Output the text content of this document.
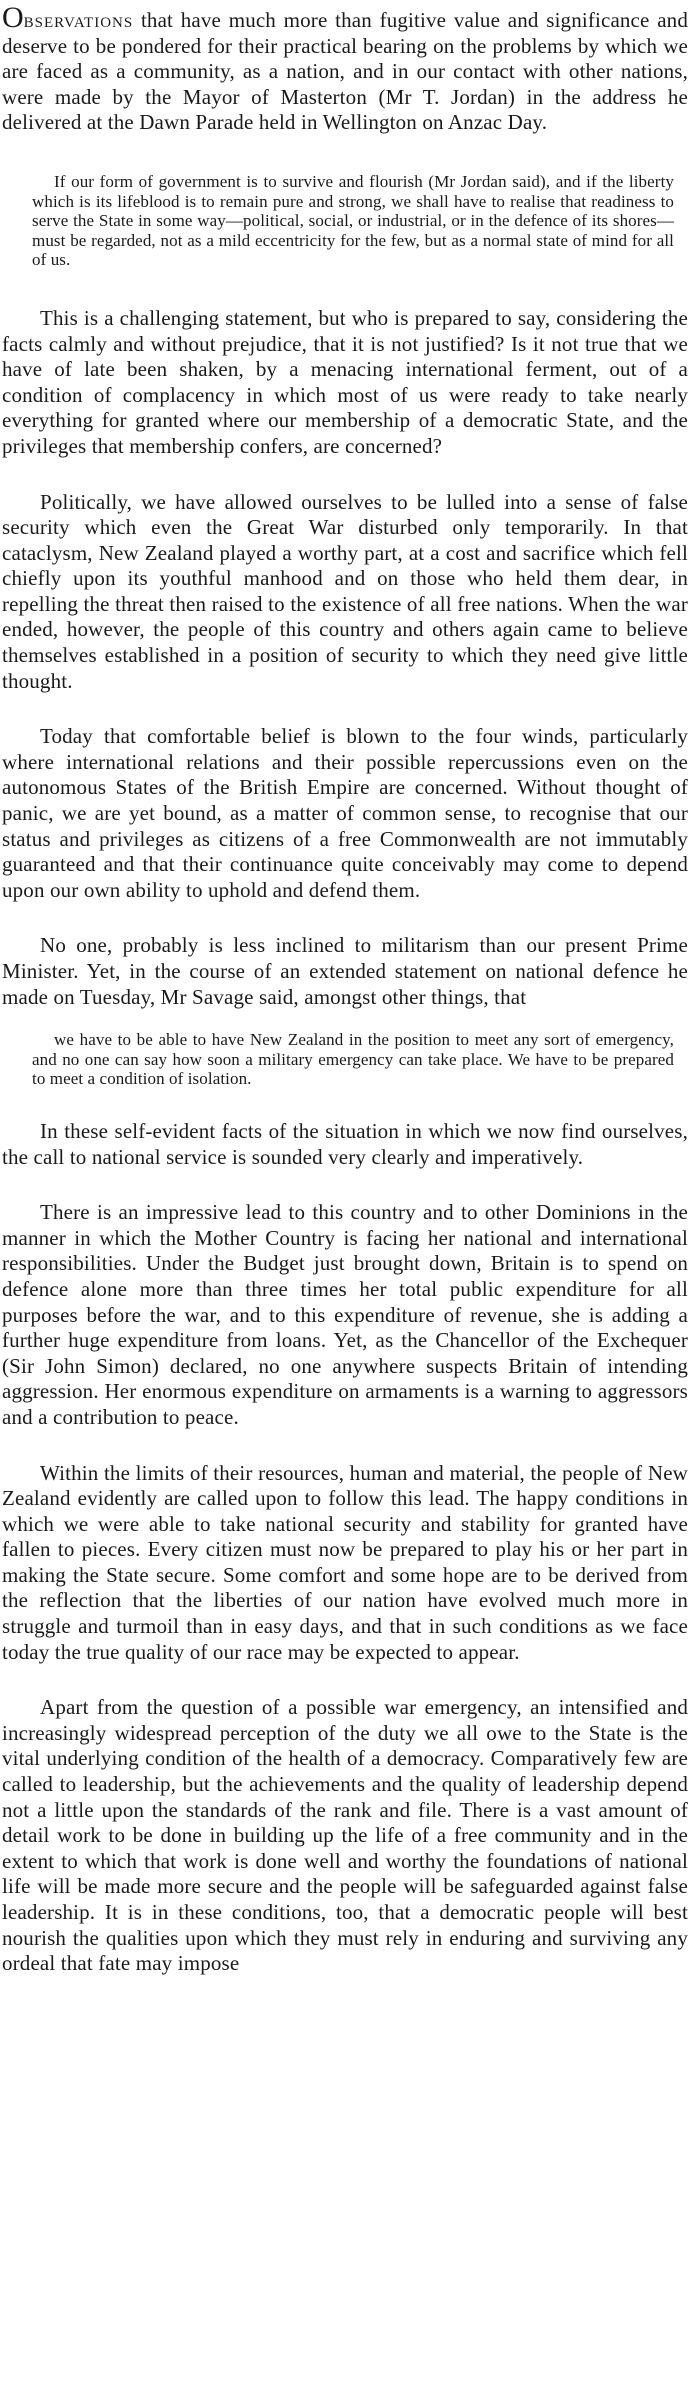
Observations that have much more than fugitive value and significance and deserve to be pondered for their practical bearing on the problems by which we are faced as a community, as a nation, and in our contact with other nations, were made by the Mayor of Masterton (Mr T. Jordan) in the address he delivered at the Dawn Parade held in Wellington on Anzac Day.

If our form of government is to survive and flourish (Mr Jordan said), and if the liberty which is its lifeblood is to remain pure and strong, we shall have to realise that readiness to serve the State in some way—political, social, or industrial, or in the defence of its shores—must be regarded, not as a mild eccentricity for the few, but as a normal state of mind for all of us.

This is a challenging statement, but who is prepared to say, considering the facts calmly and without prejudice, that it is not justified? Is it not true that we have of late been shaken, by a menacing international ferment, out of a condition of complacency in which most of us were ready to take nearly everything for granted where our membership of a democratic State, and the privileges that membership confers, are concerned?

Politically, we have allowed ourselves to be lulled into a sense of false security which even the Great War disturbed only temporarily. In that cataclysm, New Zealand played a worthy part, at a cost and sacrifice which fell chiefly upon its youthful manhood and on those who held them dear, in repelling the threat then raised to the existence of all free nations. When the war ended, however, the people of this country and others again came to believe themselves established in a position of security to which they need give little thought.

Today that comfortable belief is blown to the four winds, particularly where international relations and their possible repercussions even on the autonomous States of the British Empire are concerned. Without thought of panic, we are yet bound, as a matter of common sense, to recognise that our status and privileges as citizens of a free Commonwealth are not immutably guaranteed and that their continuance quite conceivably may come to depend upon our own ability to uphold and defend them.

No one, probably is less inclined to militarism than our present Prime Minister. Yet, in the course of an extended statement on national defence he made on Tuesday, Mr Savage said, amongst other things, that

we have to be able to have New Zealand in the position to meet any sort of emergency, and no one can say how soon a military emergency can take place. We have to be prepared to meet a condition of isolation.

In these self-evident facts of the situation in which we now find ourselves, the call to national service is sounded very clearly and imperatively.

There is an impressive lead to this country and to other Dominions in the manner in which the Mother Country is facing her national and international responsibilities. Under the Budget just brought down, Britain is to spend on defence alone more than three times her total public expenditure for all purposes before the war, and to this expenditure of revenue, she is adding a further huge expenditure from loans. Yet, as the Chancellor of the Exchequer (Sir John Simon) declared, no one anywhere suspects Britain of intending aggression. Her enormous expenditure on armaments is a warning to aggressors and a contribution to peace.

Within the limits of their resources, human and material, the people of New Zealand evidently are called upon to follow this lead. The happy conditions in which we were able to take national security and stability for granted have fallen to pieces. Every citizen must now be prepared to play his or her part in making the State secure. Some comfort and some hope are to be derived from the reflection that the liberties of our nation have evolved much more in struggle and turmoil than in easy days, and that in such conditions as we face today the true quality of our race may be expected to appear.

Apart from the question of a possible war emergency, an intensified and increasingly widespread perception of the duty we all owe to the State is the vital underlying condition of the health of a democracy. Comparatively few are called to leadership, but the achievements and the quality of leadership depend not a little upon the standards of the rank and file. There is a vast amount of detail work to be done in building up the life of a free community and in the extent to which that work is done well and worthy the foundations of national life will be made more secure and the people will be safeguarded against false leadership. It is in these conditions, too, that a democratic people will best nourish the qualities upon which they must rely in enduring and surviving any ordeal that fate may impose
